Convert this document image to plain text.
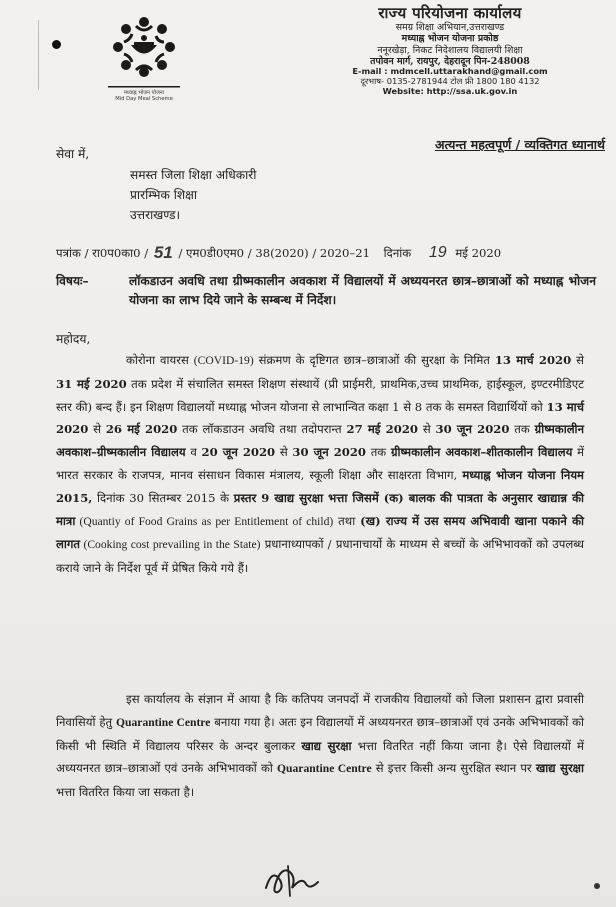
मध्याह्न भोजन योजना
Mid Day Meal Scheme
राज्य परियोजना कार्यालय
समग्र शिक्षा अभियान,उत्तराखण्ड
मध्याह्न भोजन योजना प्रकोष्ठ
ननूरखेड़ा, निकट निदेशालय विद्यालयी शिक्षा
तपोवन मार्ग, रायपुर, देहरादून पिन-248008
E-mail : mdmcell.uttarakhand@gmail.com
दूरभाष- 0135-2781944 टोल फ्री 1800 180 4132
Website: http://ssa.uk.gov.in
अत्यन्त महत्वपूर्ण / व्यक्तिगत ध्यानार्थ
सेवा में,
समस्त जिला शिक्षा अधिकारी
प्रारम्भिक शिक्षा
उत्तराखण्ड।
पत्रांक / रा0प0का0 / 51 / एम0डी0एम0 / 38(2020) / 2020–21 दिनांक 19 मई 2020
विषयः–	लॉकडाउन अवधि तथा ग्रीष्मकालीन अवकाश में विद्यालयों में अध्ययनरत छात्र–छात्राओं को मध्याह्न भोजन योजना का लाभ दिये जाने के सम्बन्ध में निर्देश।
महोदय,
कोरोना वायरस (COVID-19) संक्रमण के दृष्टिगत छात्र–छात्राओं की सुरक्षा के निमित 13 मार्च 2020 से 31 मई 2020 तक प्रदेश में संचालित समस्त शिक्षण संस्थायें (प्री प्राईमरी, प्राथमिक,उच्च प्राथमिक, हाईस्कूल, इण्टरमीडिएट स्तर की) बन्द हैं। इन शिक्षण विद्यालयों मध्याह्न भोजन योजना से लाभान्वित कक्षा 1 से 8 तक के समस्त विद्यार्थियों को 13 मार्च 2020 से 26 मई 2020 तक लॉकडाउन अवधि तथा तदोपरान्त 27 मई 2020 से 30 जून 2020 तक ग्रीष्मकालीन अवकाश–ग्रीष्मकालीन विद्यालय व 20 जून 2020 से 30 जून 2020 तक ग्रीष्मकालीन अवकाश–शीतकालीन विद्यालय में भारत सरकार के राजपत्र, मानव संसाधन विकास मंत्रालय, स्कूली शिक्षा और साक्षरता विभाग, मध्याह्न भोजन योजना नियम 2015, दिनांक 30 सितम्बर 2015 के प्रस्तर 9 खाद्य सुरक्षा भत्ता जिसमें (क) बालक की पात्रता के अनुसार खाद्यान्न की मात्रा (Quantiy of Food Grains as per Entitlement of child) तथा (ख) राज्य में उस समय अभिवावी खाना पकाने की लागत (Cooking cost prevailing in the State) प्रधानाध्यापकों / प्रधानाचार्यो के माध्यम से बच्चों के अभिभावकों को उपलब्ध कराये जाने के निर्देश पूर्व में प्रेषित किये गये हैं।
इस कार्यालय के संज्ञान में आया है कि कतिपय जनपदों में राजकीय विद्यालयों को जिला प्रशासन द्वारा प्रवासी निवासियों हेतु Quarantine Centre बनाया गया है। अतः इन विद्यालयों में अध्ययनरत छात्र–छात्राओं एवं उनके अभिभावकों को किसी भी स्थिति में विद्यालय परिसर के अन्दर बुलाकर खाद्य सुरक्षा भत्ता वितरित नहीं किया जाना है। ऐसे विद्यालयों में अध्ययनरत छात्र–छात्राओं एवं उनके अभिभावकों को Quarantine Centre से इत्तर किसी अन्य सुरक्षित स्थान पर खाद्य सुरक्षा भत्ता वितरित किया जा सकता है।
